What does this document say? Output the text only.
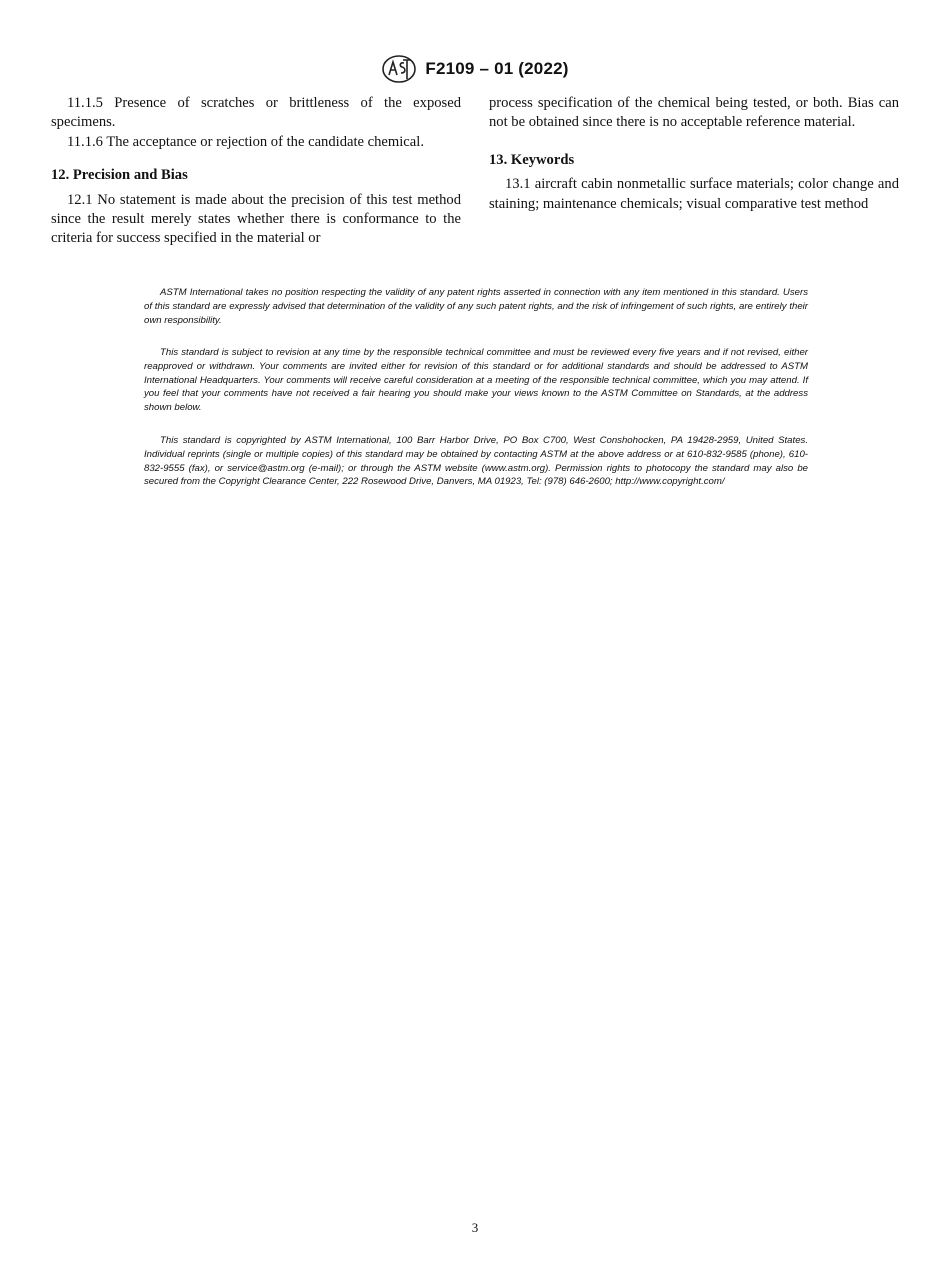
F2109 – 01 (2022)

11.1.5 Presence of scratches or brittleness of the exposed specimens.

11.1.6 The acceptance or rejection of the candidate chemical.

12. Precision and Bias

12.1 No statement is made about the precision of this test method since the result merely states whether there is conformance to the criteria for success specified in the material or

process specification of the chemical being tested, or both. Bias can not be obtained since there is no acceptable reference material.

13. Keywords

13.1 aircraft cabin nonmetallic surface materials; color change and staining; maintenance chemicals; visual comparative test method

ASTM International takes no position respecting the validity of any patent rights asserted in connection with any item mentioned in this standard. Users of this standard are expressly advised that determination of the validity of any such patent rights, and the risk of infringement of such rights, are entirely their own responsibility.

This standard is subject to revision at any time by the responsible technical committee and must be reviewed every five years and if not revised, either reapproved or withdrawn. Your comments are invited either for revision of this standard or for additional standards and should be addressed to ASTM International Headquarters. Your comments will receive careful consideration at a meeting of the responsible technical committee, which you may attend. If you feel that your comments have not received a fair hearing you should make your views known to the ASTM Committee on Standards, at the address shown below.

This standard is copyrighted by ASTM International, 100 Barr Harbor Drive, PO Box C700, West Conshohocken, PA 19428-2959, United States. Individual reprints (single or multiple copies) of this standard may be obtained by contacting ASTM at the above address or at 610-832-9585 (phone), 610-832-9555 (fax), or service@astm.org (e-mail); or through the ASTM website (www.astm.org). Permission rights to photocopy the standard may also be secured from the Copyright Clearance Center, 222 Rosewood Drive, Danvers, MA 01923, Tel: (978) 646-2600; http://www.copyright.com/

3
